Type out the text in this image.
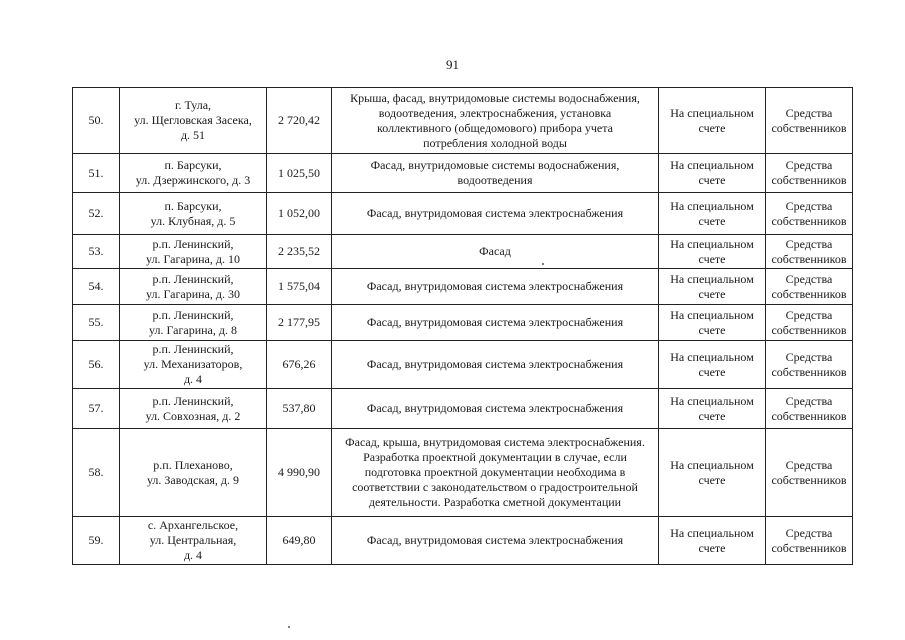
91
50.	г. Тула,
ул. Щегловская Засека,
д. 51	2 720,42	Крыша, фасад, внутридомовые системы водоснабжения,
водоотведения, электроснабжения, установка
коллективного (общедомового) прибора учета
потребления холодной воды	На специальном
счете	Средства
собственников

51.	п. Барсуки,
ул. Дзержинского, д. 3	1 025,50	Фасад, внутридомовые системы водоснабжения,
водоотведения	На специальном
счете	Средства
собственников

52.	п. Барсуки,
ул. Клубная, д. 5	1 052,00	Фасад, внутридомовая система электроснабжения	На специальном
счете	Средства
собственников

53.	р.п. Ленинский,
ул. Гагарина, д. 10	2 235,52	Фасад	На специальном
счете	Средства
собственников

54.	р.п. Ленинский,
ул. Гагарина, д. 30	1 575,04	Фасад, внутридомовая система электроснабжения	На специальном
счете	Средства
собственников

55.	р.п. Ленинский,
ул. Гагарина, д. 8	2 177,95	Фасад, внутридомовая система электроснабжения	На специальном
счете	Средства
собственников

56.	р.п. Ленинский,
ул. Механизаторов,
д. 4	676,26	Фасад, внутридомовая система электроснабжения	На специальном
счете	Средства
собственников

57.	р.п. Ленинский,
ул. Совхозная, д. 2	537,80	Фасад, внутридомовая система электроснабжения	На специальном
счете	Средства
собственников

58.	р.п. Плеханово,
ул. Заводская, д. 9	4 990,90	Фасад, крыша, внутридомовая система электроснабжения.
Разработка проектной документации в случае, если
подготовка проектной документации необходима в
соответствии с законодательством о градостроительной
деятельности. Разработка сметной документации	На специальном
счете	Средства
собственников

59.	с. Архангельское,
ул. Центральная,
д. 4	649,80	Фасад, внутридомовая система электроснабжения	На специальном
счете	Средства
собственников
